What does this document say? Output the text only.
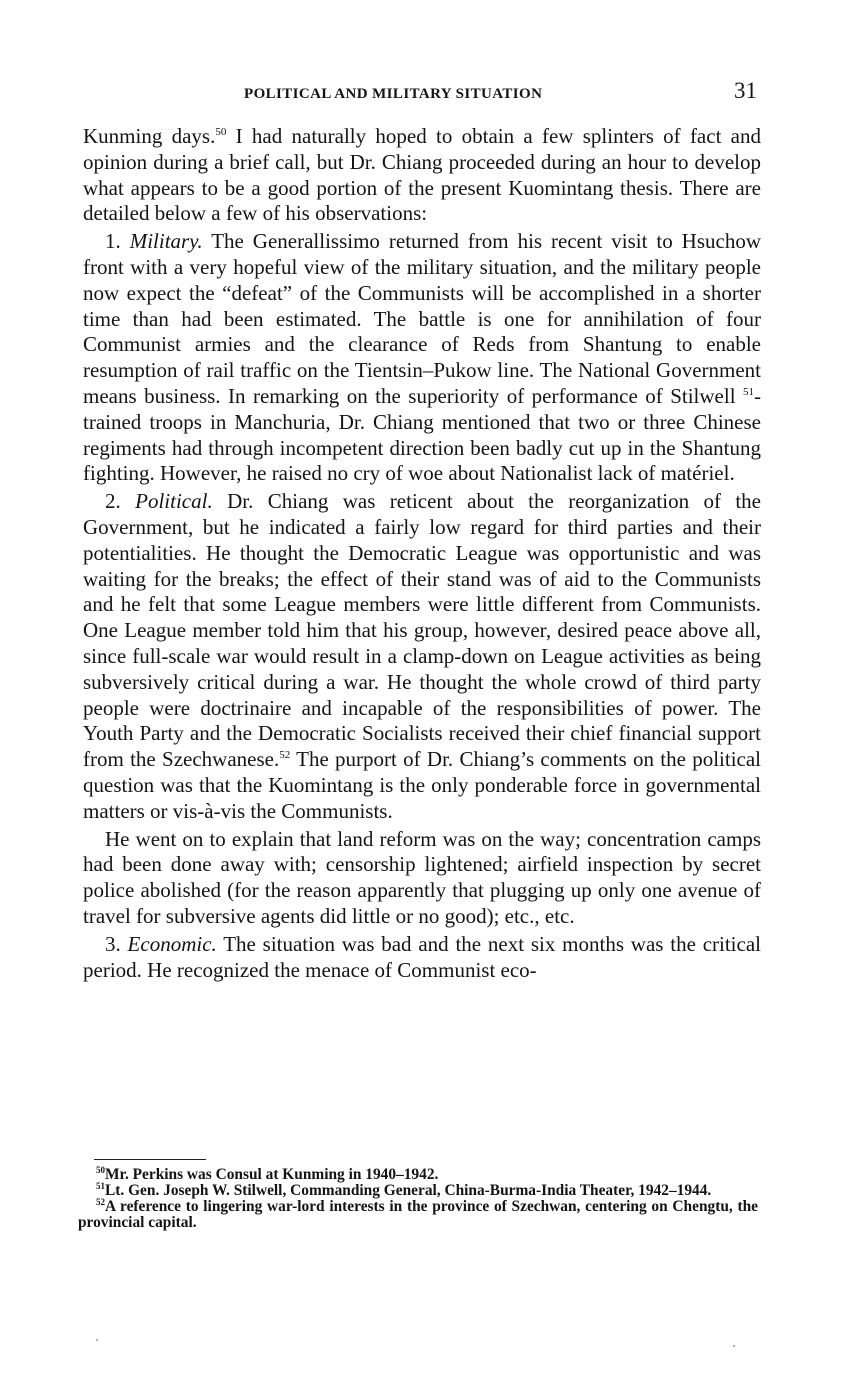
POLITICAL AND MILITARY SITUATION	31

Kunming days.$^{50}$ I had naturally hoped to obtain a few splinters of fact and opinion during a brief call, but Dr. Chiang proceeded during an hour to develop what appears to be a good portion of the present Kuomintang thesis. There are detailed below a few of his observations:

1. Military. The Generallissimo returned from his recent visit to Hsuchow front with a very hopeful view of the military situation, and the military people now expect the “defeat” of the Communists will be accomplished in a shorter time than had been estimated. The battle is one for annihilation of four Communist armies and the clearance of Reds from Shantung to enable resumption of rail traffic on the Tientsin–Pukow line. The National Government means business. In remarking on the superiority of performance of Stilwell $^{51}$-trained troops in Manchuria, Dr. Chiang mentioned that two or three Chinese regiments had through incompetent direction been badly cut up in the Shantung fighting. However, he raised no cry of woe about Nationalist lack of matériel.

2. Political. Dr. Chiang was reticent about the reorganization of the Government, but he indicated a fairly low regard for third parties and their potentialities. He thought the Democratic League was opportunistic and was waiting for the breaks; the effect of their stand was of aid to the Communists and he felt that some League members were little different from Communists. One League member told him that his group, however, desired peace above all, since full-scale war would result in a clamp-down on League activities as being subversively critical during a war. He thought the whole crowd of third party people were doctrinaire and incapable of the responsibilities of power. The Youth Party and the Democratic Socialists received their chief financial support from the Szechwanese.$^{52}$ The purport of Dr. Chiang’s comments on the political question was that the Kuomintang is the only ponderable force in governmental matters or vis-à-vis the Communists.

He went on to explain that land reform was on the way; concentration camps had been done away with; censorship lightened; airfield inspection by secret police abolished (for the reason apparently that plugging up only one avenue of travel for subversive agents did little or no good); etc., etc.

3. Economic. The situation was bad and the next six months was the critical period. He recognized the menace of Communist eco-

$^{50}$Mr. Perkins was Consul at Kunming in 1940–1942.

$^{51}$Lt. Gen. Joseph W. Stilwell, Commanding General, China-Burma-India Theater, 1942–1944.

$^{52}$A reference to lingering war-lord interests in the province of Szechwan, centering on Chengtu, the provincial capital.
